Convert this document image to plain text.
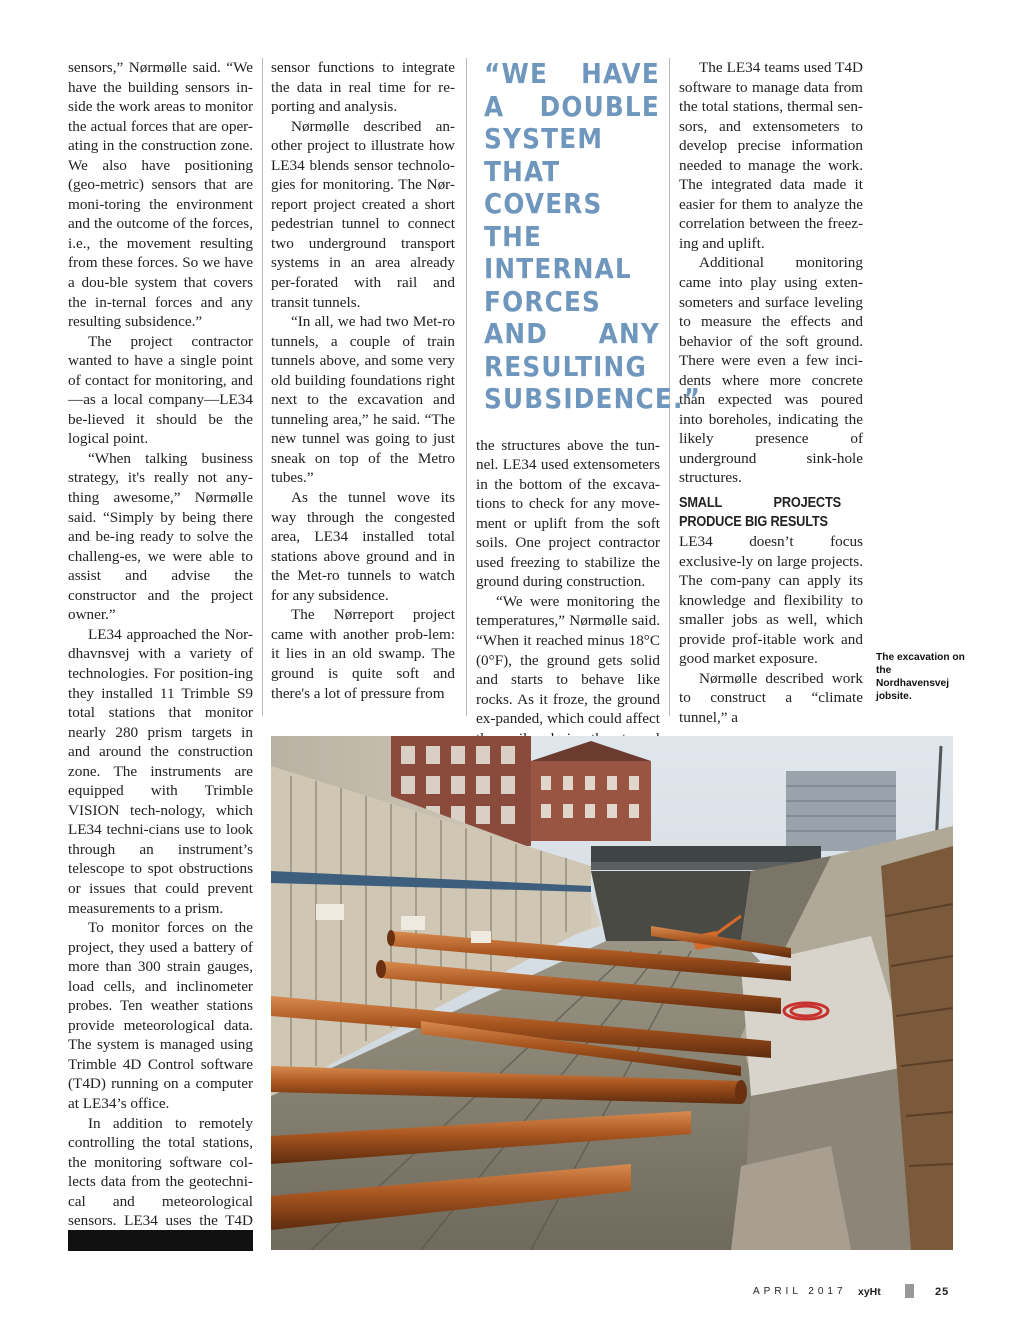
sensors,” Nørmølle said. “We have the building sensors in-side the work areas to monitor the actual forces that are oper-ating in the construction zone. We also have positioning (geo-metric) sensors that are moni-toring the environment and the outcome of the forces, i.e., the movement resulting from these forces. So we have a dou-ble system that covers the in-ternal forces and any resulting subsidence.”

The project contractor wanted to have a single point of contact for monitoring, and—as a local company—LE34 be-lieved it should be the logical point.

“When talking business strategy, it's really not any-thing awesome,” Nørmølle said. “Simply by being there and be-ing ready to solve the challeng-es, we were able to assist and advise the constructor and the project owner.”

LE34 approached the Nor-dhavnsvej with a variety of technologies. For position-ing they installed 11 Trimble S9 total stations that monitor nearly 280 prism targets in and around the construction zone. The instruments are equipped with Trimble VISION tech-nology, which LE34 techni-cians use to look through an instrument’s telescope to spot obstructions or issues that could prevent measurements to a prism.

To monitor forces on the project, they used a battery of more than 300 strain gauges, load cells, and inclinometer probes. Ten weather stations provide meteorological data. The system is managed using Trimble 4D Control software (T4D) running on a computer at LE34’s office.

In addition to remotely controlling the total stations, the monitoring software col-lects data from the geotechni-cal and meteorological sensors. LE34 uses the T4D

sensor functions to integrate the data in real time for re-porting and analysis.

Nørmølle described an-other project to illustrate how LE34 blends sensor technolo-gies for monitoring. The Nør-report project created a short pedestrian tunnel to connect two underground transport systems in an area already per-forated with rail and transit tunnels.

“In all, we had two Met-ro tunnels, a couple of train tunnels above, and some very old building foundations right next to the excavation and tunneling area,” he said. “The new tunnel was going to just sneak on top of the Metro tubes.”

As the tunnel wove its way through the congested area, LE34 installed total stations above ground and in the Met-ro tunnels to watch for any subsidence.

The Nørreport project came with another prob-lem: it lies in an old swamp. The ground is quite soft and there's a lot of pressure from

“WE HAVE A DOUBLE SYSTEM THAT COVERS THE INTERNAL FORCES AND ANY RESULTING SUBSIDENCE.”

the structures above the tun-nel. LE34 used extensometers in the bottom of the excava-tions to check for any move-ment or uplift from the soft soils. One project contractor used freezing to stabilize the ground during construction.

“We were monitoring the temperatures,” Nørmølle said. “When it reached minus 18°C (0°F), the ground gets solid and starts to behave like rocks. As it froze, the ground ex-panded, which could affect

The LE34 teams used T4D software to manage data from the total stations, thermal sen-sors, and extensometers to develop precise information needed to manage the work. The integrated data made it easier for them to analyze the correlation between the freez-ing and uplift.

Additional monitoring came into play using exten-someters and surface leveling to measure the effects and behavior of the soft ground. There were even a few inci-dents where more concrete than expected was poured into boreholes, indicating the likely presence of underground sink-hole structures.

SMALL PROJECTS PRODUCE BIG RESULTS

LE34 doesn’t focus exclusive-ly on large projects. The com-pany can apply its knowledge and flexibility to smaller jobs as well, which provide prof-itable work and good market exposure.

Nørmølle described work to construct a “climate tunnel,” a

The excavation on the Nordhavensvej jobsite.
APRIL 2017 xyHt	25
